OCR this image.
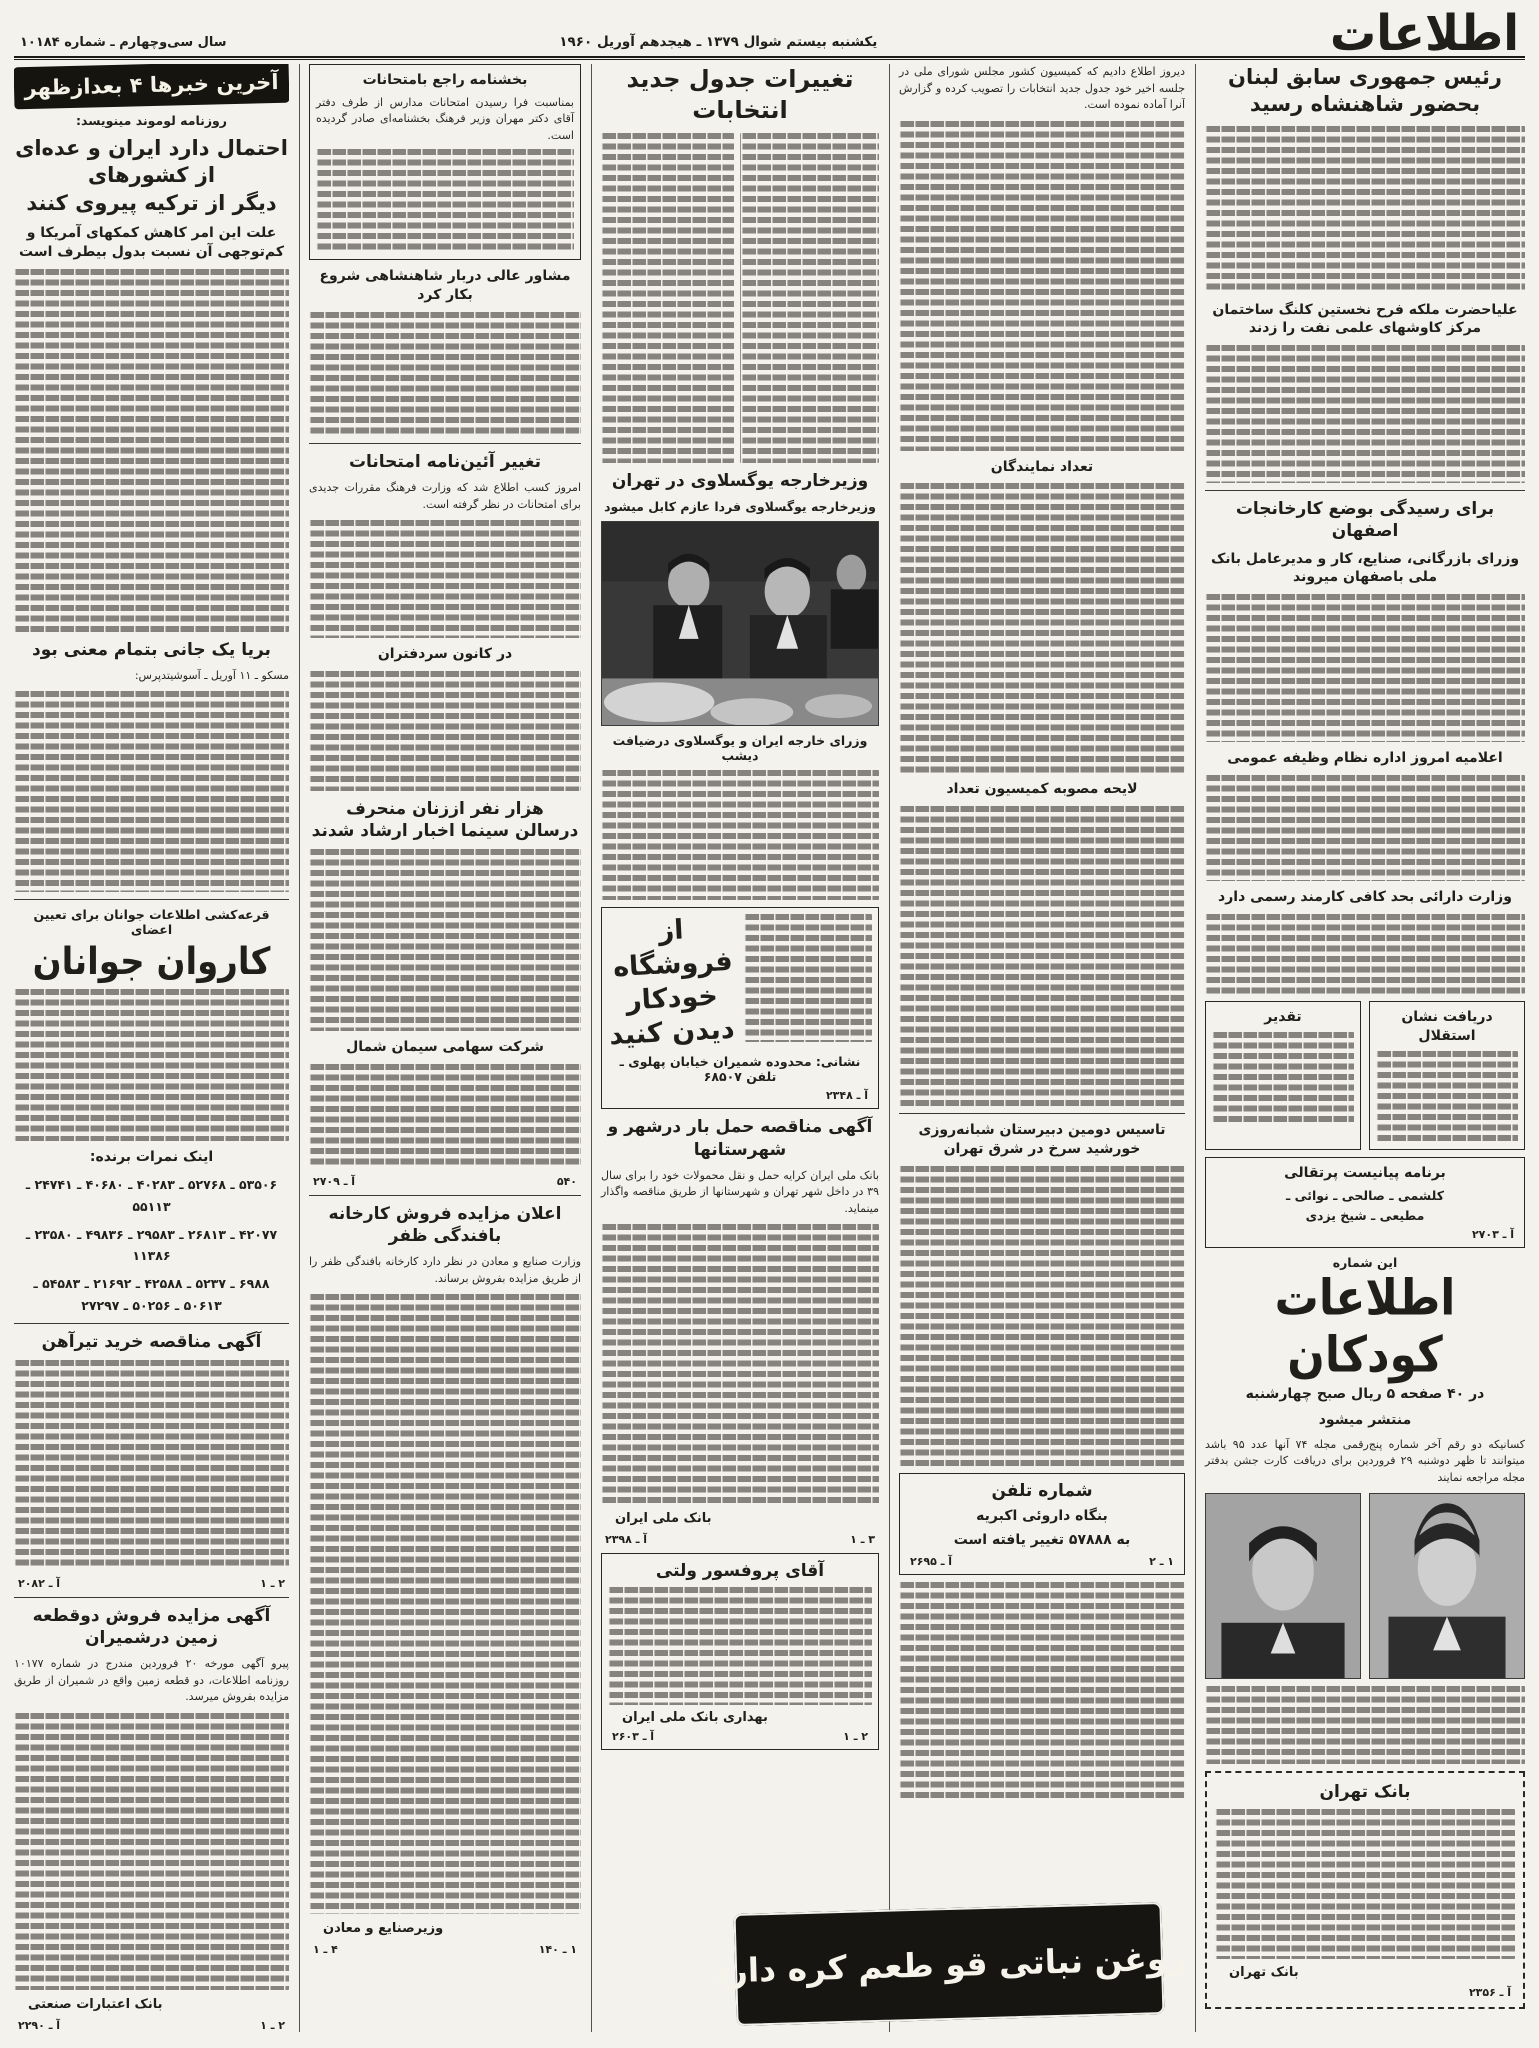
اطلاعات
یکشنبه بیستم شوال ۱۳۷۹ ـ هیجدهم آوریل ۱۹۶۰
سال سی‌وچهارم ـ شماره ۱۰۱۸۴
رئیس جمهوری سابق لبنان
بحضور شاهنشاه رسید
علیاحضرت ملکه فرح نخستین کلنگ ساختمان مرکز کاوشهای علمی نفت را زدند
برای رسیدگی بوضع کارخانجات اصفهان
وزرای بازرگانی، صنایع، کار و مدیرعامل بانک ملی باصفهان میروند
اعلامیه امروز اداره نظام وظیفه عمومی
وزارت دارائی بحد کافی کارمند رسمی دارد
دریافت نشان استقلال
تقدیر
برنامه پیانیست پرتقالی
کلشمی ـ صالحی ـ نوائی ـ
مطیعی ـ شیخ یزدی
آ ـ ۲۷۰۳
این شماره
اطلاعات کودکان
در ۴۰ صفحه ۵ ریال صبح چهارشنبه
منتشر میشود
کسانیکه دو رقم آخر شماره پنج‌رقمی مجله ۷۴ آنها عدد ۹۵ باشد میتوانند تا ظهر دوشنبه ۲۹ فروردین برای دریافت کارت جشن بدفتر مجله مراجعه نمایند
بانک تهران
بانک تهران
آ ـ ۲۳۵۶
دیروز اطلاع دادیم که کمیسیون کشور مجلس شورای ملی در جلسه اخیر خود جدول جدید انتخابات را تصویب کرده و گزارش آنرا آماده نموده است.
تعداد نمایندگان
لایحه مصوبه کمیسیون تعداد
تاسیس دومین دبیرستان شبانه‌روزی خورشید سرخ در شرق تهران
شماره تلفن
بنگاه داروئی اکبریه
به ۵۷۸۸۸ تغییر یافته است
۱ ـ ۲
آ ـ ۲۶۹۵
تغییرات جدول جدید انتخابات
وزیرخارجه یوگسلاوی در تهران
وزیرخارجه یوگسلاوی فردا عازم کابل میشود
وزرای خارجه ایران و یوگسلاوی درضیافت دیشب
از فروشگاه
خودکار
دیدن کنید
نشانی: محدوده شمیران خیابان پهلوی ـ تلفن ۶۸۵۰۷
آ ـ ۲۳۴۸
آگهی مناقصه حمل بار درشهر و شهرستانها
بانک ملی ایران کرایه حمل و نقل محمولات خود را برای سال ۳۹ در داخل شهر تهران و شهرستانها از طریق مناقصه واگذار مینماید.
بانک ملی ایران
۳ ـ ۱
آ ـ ۲۳۹۸
آقای پروفسور ولتی
بهداری بانک ملی ایران
۲ ـ ۱
آ ـ ۲۶۰۳
بخشنامه راجع بامتحانات
بمناسبت فرا رسیدن امتحانات مدارس از طرف دفتر آقای دکتر مهران وزیر فرهنگ بخشنامه‌ای صادر گردیده است.
مشاور عالی دربار شاهنشاهی شروع بکار کرد
تغییر آئین‌نامه امتحانات
امروز کسب اطلاع شد که وزارت فرهنگ مقررات جدیدی برای امتحانات در نظر گرفته است.
در کانون سردفتران
هزار نفر اززنان منحرف
درسالن سینما اخبار ارشاد شدند
شرکت سهامی سیمان شمال
۵۴۰
آ ـ ۲۷۰۹
اعلان مزایده فروش کارخانه بافندگی ظفر
وزارت صنایع و معادن در نظر دارد کارخانه بافندگی ظفر را از طریق مزایده بفروش برساند.
وزیرصنایع و معادن
۱ ـ ۱۴۰
۴ ـ ۱
آخرین خبرها ۴ بعدازظهر
روزنامه لوموند مینویسد:
احتمال دارد ایران و عده‌ای از کشورهای
دیگر از ترکیه پیروی کنند
علت این امر کاهش کمکهای آمریکا و کم‌توجهی آن نسبت بدول بیطرف است
بریا یک جانی بتمام معنی بود
مسکو ـ ۱۱ آوریل ـ آسوشیتدپرس:
قرعه‌کشی اطلاعات جوانان برای تعیین اعضای
کاروان جوانان
اینک نمرات برنده:
۵۳۵۰۶ ـ ۵۲۷۶۸ ـ ۴۰۲۸۳ ـ ۴۰۶۸۰ ـ ۲۴۷۴۱ ـ ۵۵۱۱۳
۴۲۰۷۷ ـ ۲۶۸۱۳ ـ ۲۹۵۸۳ ـ ۴۹۸۳۶ ـ ۲۳۵۸۰ ـ ۱۱۳۸۶
۶۹۸۸ ـ ۵۲۳۷ ـ ۴۲۵۸۸ ـ ۲۱۶۹۲ ـ ۵۴۵۸۳ ـ ۵۰۶۱۳ ـ ۵۰۲۵۶ ـ ۲۷۲۹۷
آگهی مناقصه خرید تیرآهن
۲ ـ ۱
آ ـ ۲۰۸۲
آگهی مزایده فروش دوقطعه
زمین درشمیران
پیرو آگهی مورخه ۲۰ فروردین مندرج در شماره ۱۰۱۷۷ روزنامه اطلاعات، دو قطعه زمین واقع در شمیران از طریق مزایده بفروش میرسد.
بانک اعتبارات صنعتی
۲ ـ ۱
آ ـ ۲۲۹۰
روغن نباتی قو طعم کره دارد
